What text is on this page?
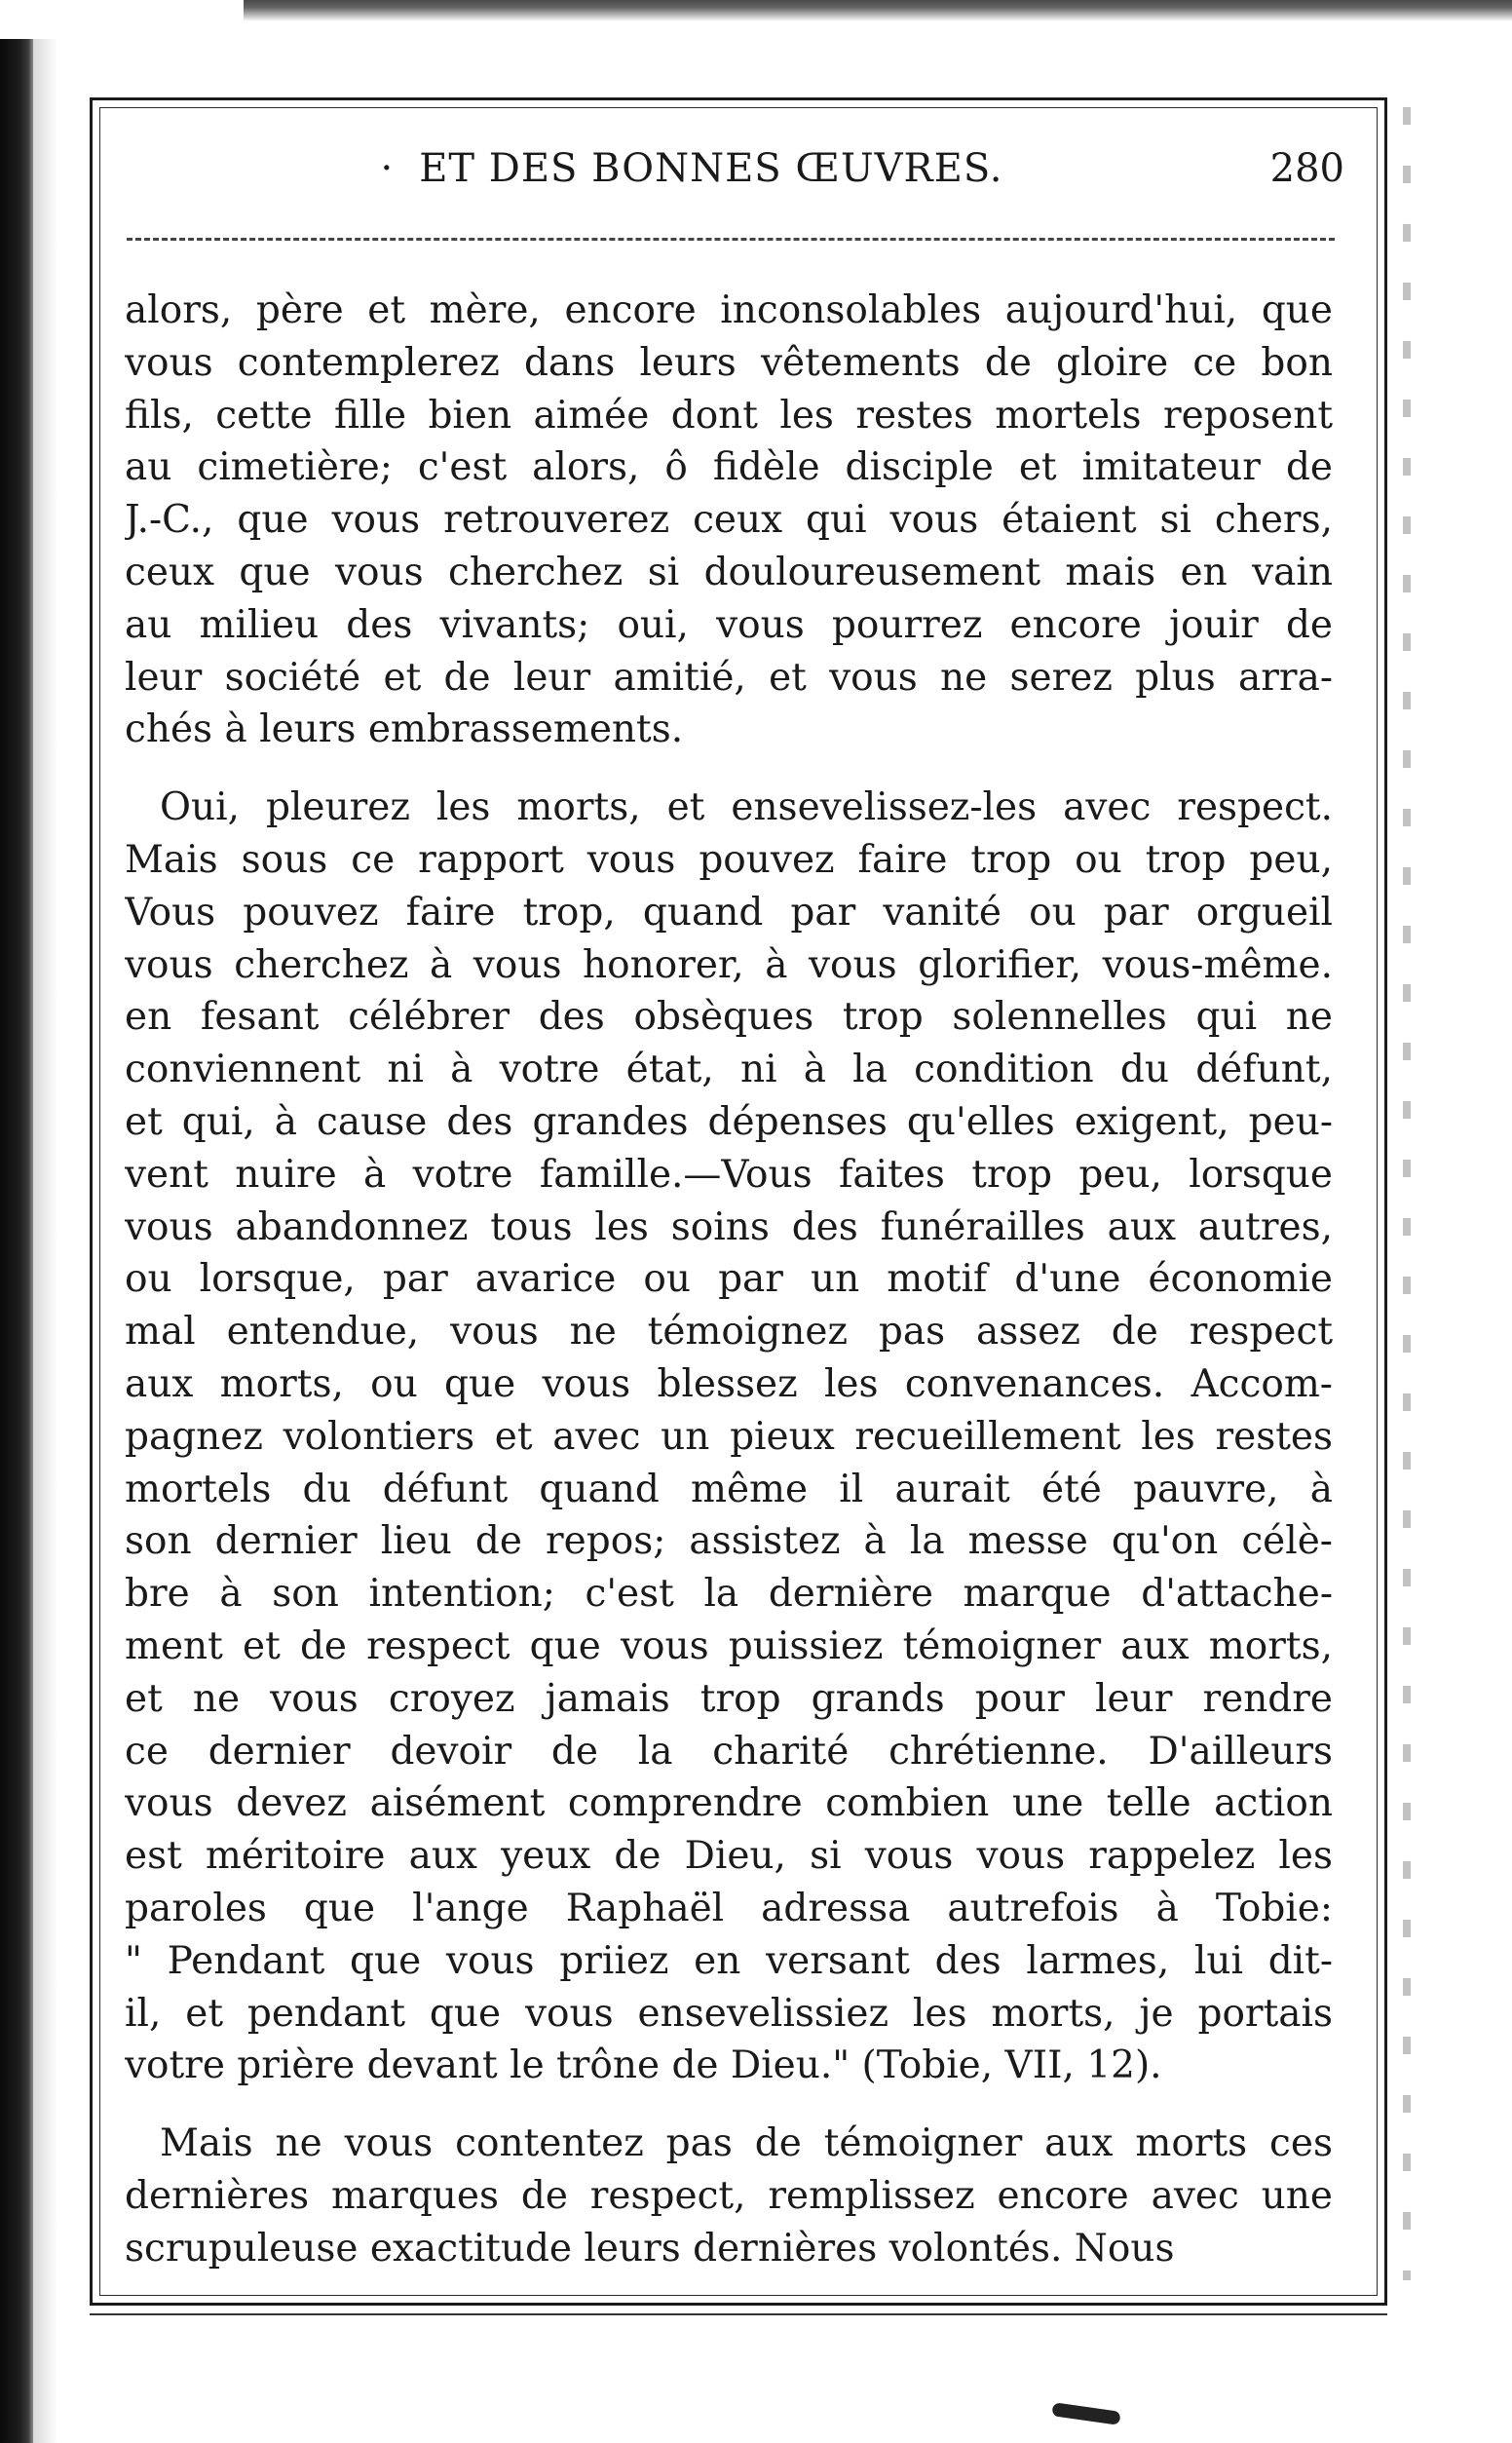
· ET DES BONNES ŒUVRES.	280
alors, père et mère, encore inconsolables aujourd'hui, que
vous contemplerez dans leurs vêtements de gloire ce bon
fils, cette fille bien aimée dont les restes mortels reposent
au cimetière; c'est alors, ô fidèle disciple et imitateur de
J.-C., que vous retrouverez ceux qui vous étaient si chers,
ceux que vous cherchez si douloureusement mais en vain
au milieu des vivants; oui, vous pourrez encore jouir de
leur société et de leur amitié, et vous ne serez plus arra-
chés à leurs embrassements.
Oui, pleurez les morts, et ensevelissez-les avec respect.
Mais sous ce rapport vous pouvez faire trop ou trop peu,
Vous pouvez faire trop, quand par vanité ou par orgueil
vous cherchez à vous honorer, à vous glorifier, vous-même.
en fesant célébrer des obsèques trop solennelles qui ne
conviennent ni à votre état, ni à la condition du défunt,
et qui, à cause des grandes dépenses qu'elles exigent, peu-
vent nuire à votre famille.—Vous faites trop peu, lorsque
vous abandonnez tous les soins des funérailles aux autres,
ou lorsque, par avarice ou par un motif d'une économie
mal entendue, vous ne témoignez pas assez de respect
aux morts, ou que vous blessez les convenances. Accom-
pagnez volontiers et avec un pieux recueillement les restes
mortels du défunt quand même il aurait été pauvre, à
son dernier lieu de repos; assistez à la messe qu'on célè-
bre à son intention; c'est la dernière marque d'attache-
ment et de respect que vous puissiez témoigner aux morts,
et ne vous croyez jamais trop grands pour leur rendre
ce dernier devoir de la charité chrétienne. D'ailleurs
vous devez aisément comprendre combien une telle action
est méritoire aux yeux de Dieu, si vous vous rappelez les
paroles que l'ange Raphaël adressa autrefois à Tobie:
" Pendant que vous priiez en versant des larmes, lui dit-
il, et pendant que vous ensevelissiez les morts, je portais
votre prière devant le trône de Dieu." (Tobie, VII, 12).
Mais ne vous contentez pas de témoigner aux morts ces
dernières marques de respect, remplissez encore avec une
scrupuleuse exactitude leurs dernières volontés. Nous
